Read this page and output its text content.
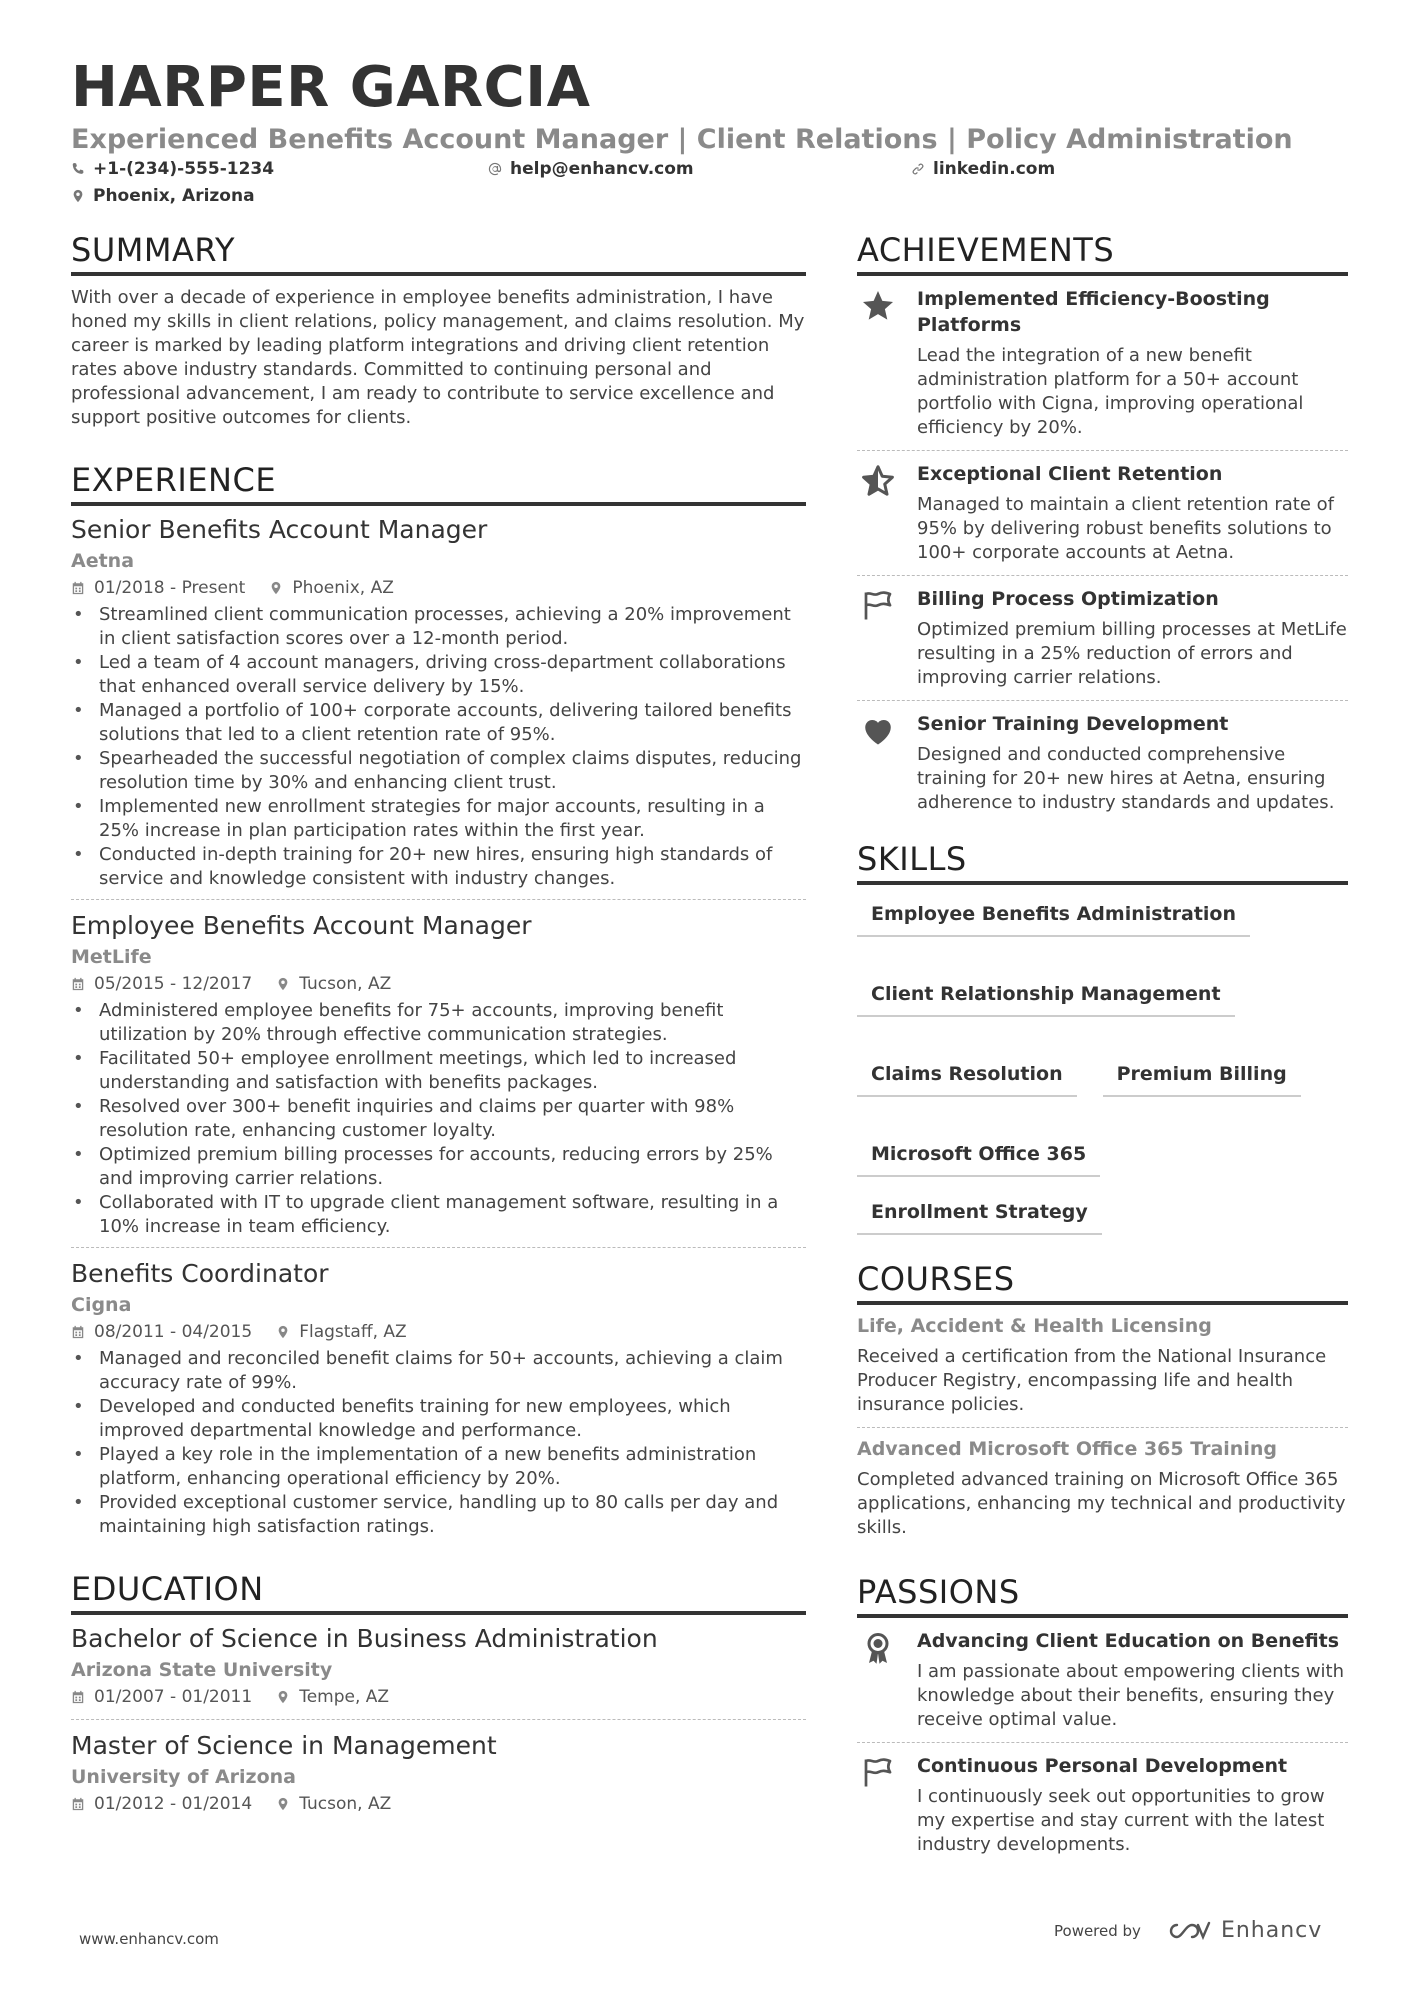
HARPER GARCIA
Experienced Benefits Account Manager | Client Relations | Policy Administration
+1-(234)-555-1234	help@enhancv.com	linkedin.com
Phoenix, Arizona
SUMMARY

With over a decade of experience in employee benefits administration, I have honed my skills in client relations, policy management, and claims resolution. My career is marked by leading platform integrations and driving client retention rates above industry standards. Committed to continuing personal and professional advancement, I am ready to contribute to service excellence and support positive outcomes for clients.

EXPERIENCE
Senior Benefits Account Manager
Aetna
01/2018 - Present	Phoenix, AZ
• Streamlined client communication processes, achieving a 20% improvement in client satisfaction scores over a 12-month period.
• Led a team of 4 account managers, driving cross-department collaborations that enhanced overall service delivery by 15%.
• Managed a portfolio of 100+ corporate accounts, delivering tailored benefits solutions that led to a client retention rate of 95%.
• Spearheaded the successful negotiation of complex claims disputes, reducing resolution time by 30% and enhancing client trust.
• Implemented new enrollment strategies for major accounts, resulting in a 25% increase in plan participation rates within the first year.
• Conducted in-depth training for 20+ new hires, ensuring high standards of service and knowledge consistent with industry changes.
Employee Benefits Account Manager
MetLife
05/2015 - 12/2017	Tucson, AZ
• Administered employee benefits for 75+ accounts, improving benefit utilization by 20% through effective communication strategies.
• Facilitated 50+ employee enrollment meetings, which led to increased understanding and satisfaction with benefits packages.
• Resolved over 300+ benefit inquiries and claims per quarter with 98% resolution rate, enhancing customer loyalty.
• Optimized premium billing processes for accounts, reducing errors by 25% and improving carrier relations.
• Collaborated with IT to upgrade client management software, resulting in a 10% increase in team efficiency.
Benefits Coordinator
Cigna
08/2011 - 04/2015	Flagstaff, AZ
• Managed and reconciled benefit claims for 50+ accounts, achieving a claim accuracy rate of 99%.
• Developed and conducted benefits training for new employees, which improved departmental knowledge and performance.
• Played a key role in the implementation of a new benefits administration platform, enhancing operational efficiency by 20%.
• Provided exceptional customer service, handling up to 80 calls per day and maintaining high satisfaction ratings.
EDUCATION
Bachelor of Science in Business Administration
Arizona State University
01/2007 - 01/2011	Tempe, AZ
Master of Science in Management
University of Arizona
01/2012 - 01/2014	Tucson, AZ
ACHIEVEMENTS
Implemented Efficiency-Boosting Platforms
Lead the integration of a new benefit administration platform for a 50+ account portfolio with Cigna, improving operational efficiency by 20%.
Exceptional Client Retention
Managed to maintain a client retention rate of 95% by delivering robust benefits solutions to 100+ corporate accounts at Aetna.
Billing Process Optimization
Optimized premium billing processes at MetLife resulting in a 25% reduction of errors and improving carrier relations.
Senior Training Development
Designed and conducted comprehensive training for 20+ new hires at Aetna, ensuring adherence to industry standards and updates.
SKILLS
Employee Benefits Administration
Client Relationship Management
Claims Resolution	Premium Billing
Microsoft Office 365
Enrollment Strategy
COURSES
Life, Accident & Health Licensing
Received a certification from the National Insurance Producer Registry, encompassing life and health insurance policies.
Advanced Microsoft Office 365 Training
Completed advanced training on Microsoft Office 365 applications, enhancing my technical and productivity skills.
PASSIONS
Advancing Client Education on Benefits
I am passionate about empowering clients with knowledge about their benefits, ensuring they receive optimal value.
Continuous Personal Development
I continuously seek out opportunities to grow my expertise and stay current with the latest industry developments.
www.enhancv.com	Powered by	Enhancv
